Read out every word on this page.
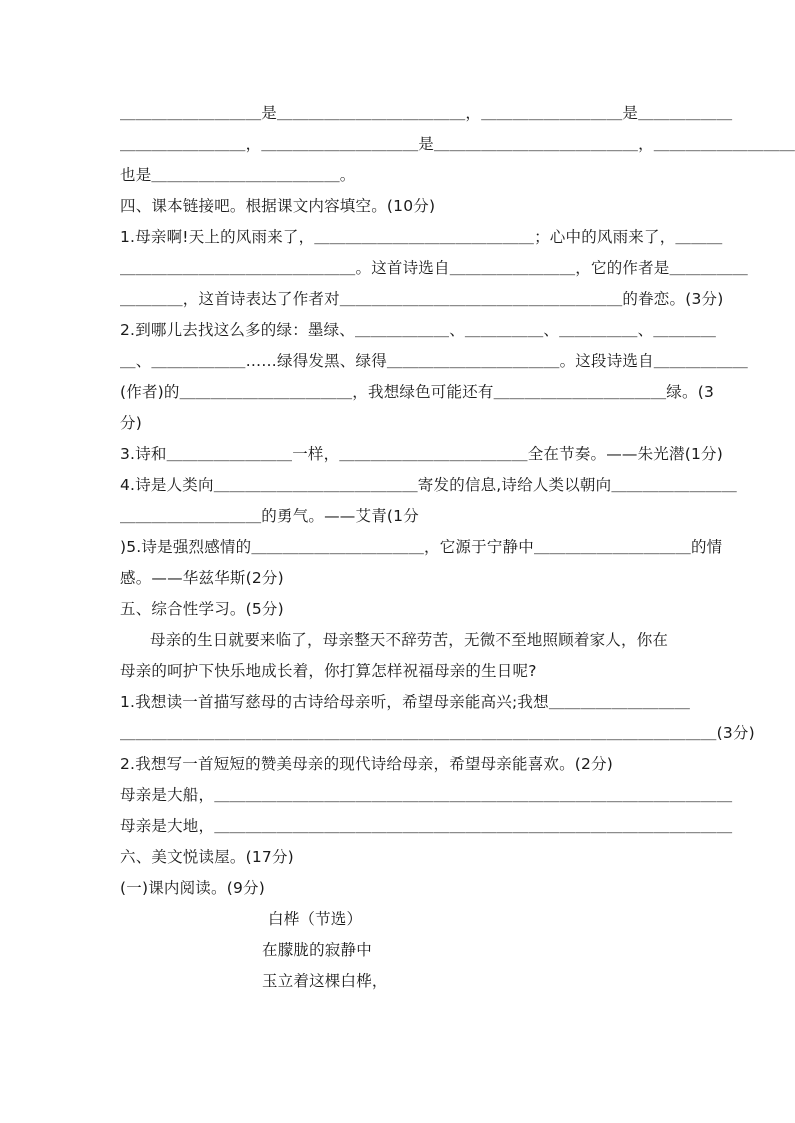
＿＿＿＿＿＿＿＿＿是＿＿＿＿＿＿＿＿＿＿＿＿，＿＿＿＿＿＿＿＿＿是＿＿＿＿＿＿
＿＿＿＿＿＿＿＿，＿＿＿＿＿＿＿＿＿＿是＿＿＿＿＿＿＿＿＿＿＿＿＿，＿＿＿＿＿＿＿＿＿
也是＿＿＿＿＿＿＿＿＿＿＿＿。
四、课本链接吧。根据课文内容填空。(10分)
1.母亲啊!天上的风雨来了，＿＿＿＿＿＿＿＿＿＿＿＿＿＿；心中的风雨来了，＿＿＿
＿＿＿＿＿＿＿＿＿＿＿＿＿＿＿。这首诗选自＿＿＿＿＿＿＿＿，它的作者是＿＿＿＿＿
＿＿＿＿，这首诗表达了作者对＿＿＿＿＿＿＿＿＿＿＿＿＿＿＿＿＿＿的眷恋。(3分)
2.到哪儿去找这么多的绿：墨绿、＿＿＿＿＿＿、＿＿＿＿＿、＿＿＿＿＿、＿＿＿＿
＿、＿＿＿＿＿＿……绿得发黑、绿得＿＿＿＿＿＿＿＿＿＿＿。这段诗选自＿＿＿＿＿＿
(作者)的＿＿＿＿＿＿＿＿＿＿＿，我想绿色可能还有＿＿＿＿＿＿＿＿＿＿＿绿。(3
分)
3.诗和＿＿＿＿＿＿＿＿一样，＿＿＿＿＿＿＿＿＿＿＿＿全在节奏。——朱光潜(1分)
4.诗是人类向＿＿＿＿＿＿＿＿＿＿＿＿＿寄发的信息,诗给人类以朝向＿＿＿＿＿＿＿＿
＿＿＿＿＿＿＿＿＿的勇气。——艾青(1分
)5.诗是强烈感情的＿＿＿＿＿＿＿＿＿＿＿，它源于宁静中＿＿＿＿＿＿＿＿＿＿的情
感。——华兹华斯(2分)
五、综合性学习。(5分)
母亲的生日就要来临了，母亲整天不辞劳苦，无微不至地照顾着家人，你在
母亲的呵护下快乐地成长着，你打算怎样祝福母亲的生日呢?
1.我想读一首描写慈母的古诗给母亲听，希望母亲能高兴;我想＿＿＿＿＿＿＿＿＿
＿＿＿＿＿＿＿＿＿＿＿＿＿＿＿＿＿＿＿＿＿＿＿＿＿＿＿＿＿＿＿＿＿＿＿＿＿＿(3分)
2.我想写一首短短的赞美母亲的现代诗给母亲，希望母亲能喜欢。(2分)
母亲是大船，＿＿＿＿＿＿＿＿＿＿＿＿＿＿＿＿＿＿＿＿＿＿＿＿＿＿＿＿＿＿＿＿＿
母亲是大地，＿＿＿＿＿＿＿＿＿＿＿＿＿＿＿＿＿＿＿＿＿＿＿＿＿＿＿＿＿＿＿＿＿
六、美文悦读屋。(17分)
(一)课内阅读。(9分)
白桦（节选）
在朦胧的寂静中
玉立着这棵白桦，
